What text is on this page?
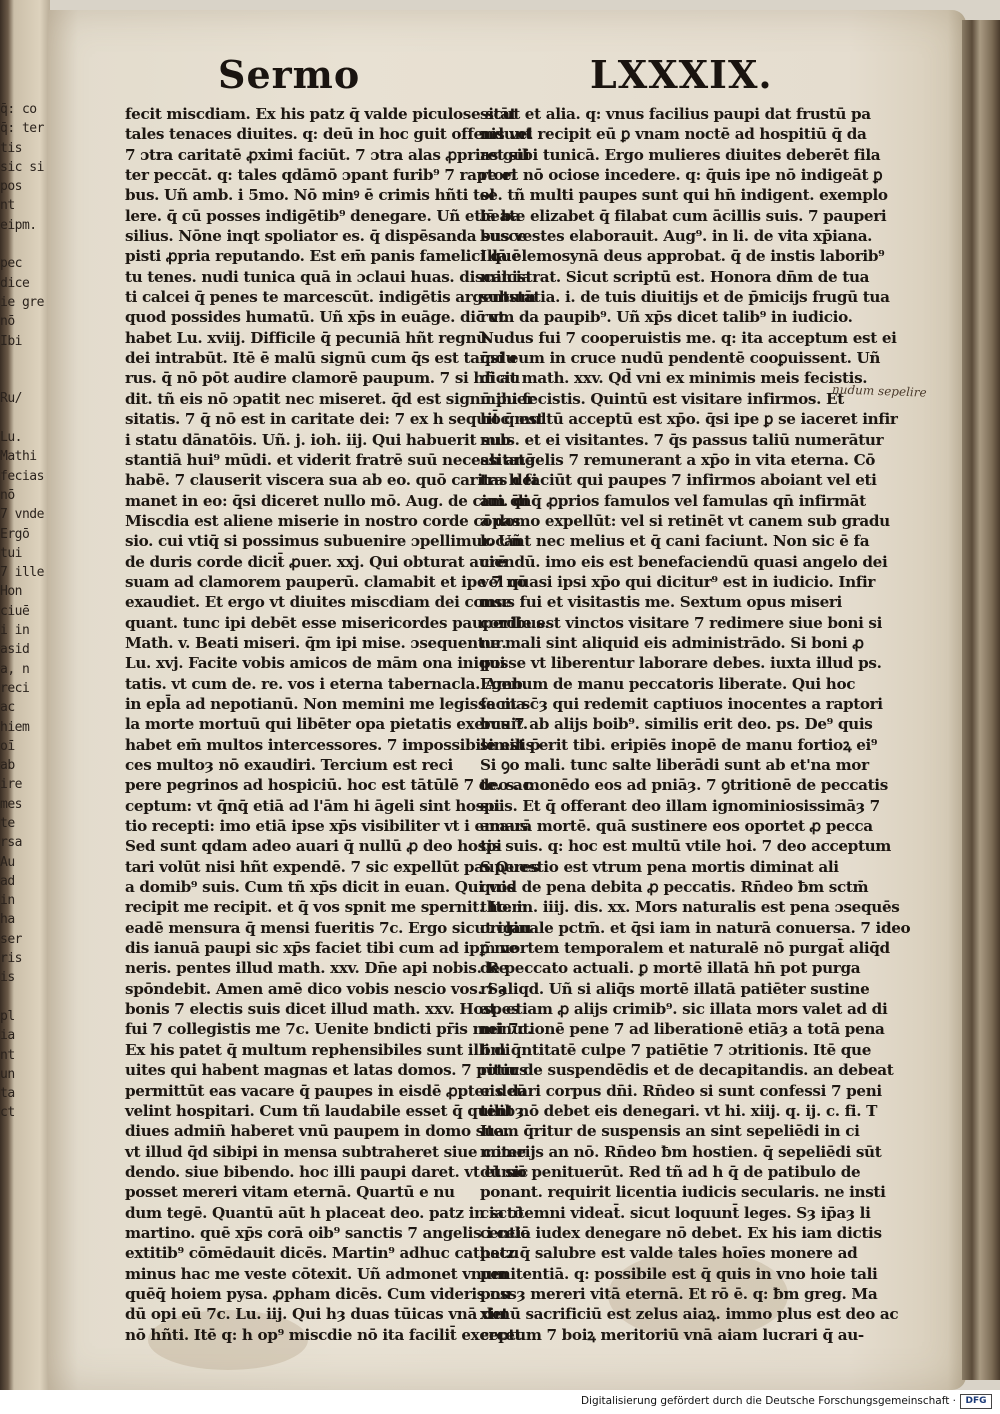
q̄: co
q̄: ter
tis
sic si
pos
nt
eipm.

pec
dice
ie gre
nō
Ibi

Ru/

Lu.
Mathi
fecias
nō
7 vnde
Ergō
tui
7 ille
Hon
ciuē
i in
asid
a, n
reci
ac
hiem
oī
ab
ire
mes
te
rsa
Au
ad
in
ha
ser
ris
is

pl
ia
nt
un
ta
ct
Sermo	LXXXIX.
fecit miscdiam. Ex his patz q̄ valde piculose stāt
tales tenaces diuites. q: deū in hoc guit offendunt
7 ɔtra caritatē ꝓximi faciūt. 7 ɔtra alas ꝓprias gui
ter peccāt. q: tales qdāmō ɔpant furib⁹ 7 raptori
bus. Uñ amb. i 5mo. Nō minꝰ ē crimis hñti tol
lere. q̄ cū posses indigētib⁹ denegare. Uñ etiā ba
silius. Nōne inqt spoliator es. q̄ dispēsanda susce
pisti ꝓpria reputando. Est em̄ panis famelici quē
tu tenes. nudi tunica quā in ɔclaui huas. discalcia
ti calcei q̄ penes te marcescūt. indigētis argentum
quod possides humatū. Uñ xp̄s in euāge. dic̄ vt
habet Lu. xviij. Difficile q̄ pecuniā hñt regnū
dei intrabūt. Itē ē malū signū cum q̄s est tamdu
rus. q̄ nō pōt audire clamorē paupum. 7 si hñ au
dit. tñ eis nō ɔpatit nec miseret. q̄d est signū puer
sitatis. 7 q̄ nō est in caritate dei: 7 ex h sequit̄ q̄ est
i statu dānatōis. Uñ. j. ioh. iij. Qui habuerit sub
stantiā hui⁹ mūdi. et viderit fratrē suū necessitatē
habē. 7 clauserit viscera sua ab eo. quō caritas dei
manet in eo: q̄si diceret nullo mō. Aug. de ciui. di
Miscdia est aliene miserie in nostro corde cōpas
sio. cui vtiq̄ si possimus subuenire ɔpellimur. Uñ
de duris corde dicit̄ ꝓuer. xxj. Qui obturat aurē
suam ad clamorem pauperū. clamabit et ipe 7 nō
exaudiet. Et ergo vt diuites miscdiam dei conse
quant. tunc ipi debēt esse misericordes pauperibus.
Math. v. Beati miseri. q̄m ipi mise. ɔsequentur.
Lu. xvj. Facite vobis amicos de mām ona iniqui
tatis. vt cum de. re. vos i eterna tabernacla. Amb.
in epl̄a ad nepotianū. Non memini me legisse ma
la morte mortuū qui libēter opa pietatis exercuit.
habet em̄ multos intercessores. 7 impossibile est p̄
ces multoȝ nō exaudiri. Tercium est reci
pere pegrinos ad hospiciū. hoc est tātūlē 7 deo ac
ceptum: vt q̄nq̄ etiā ad l'ām hi āgeli sint hospi
tio recepti: imo etiā ipse xp̄s visibiliter vt i emaus
Sed sunt qdam adeo auari q̄ nullū ꝓ deo hospi
tari volūt nisi hñt expendē. 7 sic expellūt pauperes
a domib⁹ suis. Cum tñ xp̄s dicit in euan. Qui vos
recipit me recipit. et q̄ vos spnit me spernit. Item
eadē mensura q̄ mensi fueritis 7c. Ergo sicut clau
dis ianuā paupi sic xp̄s faciet tibi cum ad ipm̄ ve
neris. pentes illud math. xxv. Dn̄e api nobis. Re
spōndebit. Amen amē dico vobis nescio vos. Sȝ
bonis 7 electis suis dicet illud math. xxv. Hospes
fui 7 collegistis me 7c. Uenite bndicti pr̄is mei 7c.
Ex his patet q̄ multum rephensibiles sunt illi di
uites qui habent magnas et latas domos. 7 potius
permittūt eas vacare q̄ paupes in eisdē ꝓpter deū
velint hospitari. Cum tñ laudabile esset q̄ quilibȝ
diues admin̄ haberet vnū paupem in domo sua.
vt illud q̄d sibipi in mensa subtraheret siue come
dendo. siue bibendo. hoc illi paupi daret. vt et sic
posset mereri vitam eternā. Quartū e nu
dum tegē. Quantū aūt h placeat deo. patz in sctō
martino. quē xp̄s corā oib⁹ sanctis 7 angelis i celo
extitib⁹ cōmēdauit dicēs. Martin⁹ adhuc cathecu
minus hac me veste cōtexit. Uñ admonet vnum
quēq̄ hoiem pysa. ꝓpham dicēs. Cum videris nu
dū opi eū 7c. Lu. iij. Qui hȝ duas tūicas vnā det
nō hñti. Itē q: h op⁹ miscdie nō ita facilit̄ exercet
sicut et alia. q: vnus facilius paupi dat frustū pa
nis vel recipit eū ꝑ vnam noctē ad hospitiū q̄ da
ret sibi tunicā. Ergo mulieres diuites deberēt fila
re et nō ociose incedere. q: q̄uis ipe nō indigeāt ꝑ
se. tñ multi paupes sunt qui hn̄ indigent. exemplo
beate elizabet q̄ filabat cum ācillis suis. 7 pauperi
bus vestes elaborauit. Aug⁹. in li. de vita xp̄iana.
Illā elemosynā deus approbat. q̄ de instis laborib⁹
ministrat. Sicut scriptū est. Honora dn̄m de tua
substātia. i. de tuis diuitijs et de p̄micijs frugū tua
rum da paupib⁹. Uñ xp̄s dicet talib⁹ in iudicio.
Nudus fui 7 cooperuistis me. q: ita acceptum est ei
q̄si eum in cruce nudū pendentē cooꝑuissent. Uñ
dicit math. xxv. Qd̄ vni ex minimis meis fecistis.
mihi fecistis. Quintū est visitare infirmos. Et
hoc multū acceptū est xp̄o. q̄si ipe ꝑ se iaceret infir
mus. et ei visitantes. 7 q̄s passus taliū numerātur
ab angelis 7 remunerant a xp̄o in vita eterna. Cō
tra h faciūt qui paupes 7 infirmos aboiant vel eti
am q̄nq̄ ꝓprios famulos vel famulas qn̄ infirmāt
a domo expellūt: vel si retinēt vt canem sub gradu
locant nec melius et q̄ cani faciunt. Non sic ē fa
ciendū. imo eis est benefaciendū quasi angelo dei
vel quasi ipsi xp̄o qui dicitur⁹ est in iudicio. Infir
mus fui et visitastis me. Sextum opus miseri
cordie est vinctos visitare 7 redimere siue boni si
ne mali sint aliquid eis administrādo. Si boni ꝓ
posse vt liberentur laborare debes. iuxta illud ps.
Egenum de manu peccatoris liberate. Qui hoc
facit sc̄ȝ qui redemit captiuos inocentes a raptori
bus 7 ab alijs boib⁹. similis erit deo. ps. De⁹ quis
similis erit tibi. eripiēs inopē de manu fortioꝝ ei⁹
Si ꝯo mali. tunc salte liberādi sunt ab et'na mor
te. s. monēdo eos ad pniāȝ. 7 ꝯtritionē de peccatis
suis. Et q̄ offerant deo illam ignominiosissimāȝ 7
amarā mortē. quā sustinere eos oportet ꝓ pecca
tis suis. q: hoc est multū vtile hoi. 7 deo acceptum
S Questio est vtrum pena mortis diminat ali
quid de pena debita ꝓ peccatis. Rn̄deo ƀm sctm̄
tho. in. iiij. dis. xx. Mors naturalis est pena ɔsequēs
originale pctm̄. et q̄si iam in naturā conuersa. 7 ideo
ꝑ mortem temporalem et naturalē nō purgat̄ aliq̄d
de peccato actuali. ꝑ mortē illatā hn̄ pot purga
ri aliqd. Uñ si aliq̄s mortē illatā patiēter sustine
at. etiam ꝓ alijs crimib⁹. sic illata mors valet ad di
minutionē pene 7 ad liberationē etiāȝ a totā pena
ƀm q̄ntitatē culpe 7 patiētie 7 ɔtritionis. Itē que
ritur de suspendēdis et de decapitandis. an debeat
eis dari corpus dn̄i. Rn̄deo si sunt confessi 7 peni
tent nō debet eis denegari. vt hi. xiij. q. ij. c. fi. T
Item q̄ritur de suspensis an sint sepeliēdi in ci
miterijs an nō. Rn̄deo ƀm hostien. q̄ sepeliēdi sūt
dūmō penituerūt. Red tñ ad h q̄ de patibulo de
ponant. requirit licentia iudicis secularis. ne insti
cia ɔtemni videat̄. sicut loquunt̄ leges. Sȝ ip̄aȝ li
centiā iudex denegare nō debet. Ex his iam dictis
patz q̄ salubre est valde tales hoīes monere ad
penitentiā. q: possibile est q̄ quis in vno hoie tali
possȝ mereri vitā eternā. Et rō ē. q: ƀm greg. Ma
ximū sacrificiū est zelus aiaꝝ. immo plus est deo ac
ceptum 7 boiꝝ meritoriū vnā aiam lucrari q̄ au-
nudum sepelire
Digitalisierung gefördert durch die Deutsche Forschungsgemeinschaft ·	DFG
